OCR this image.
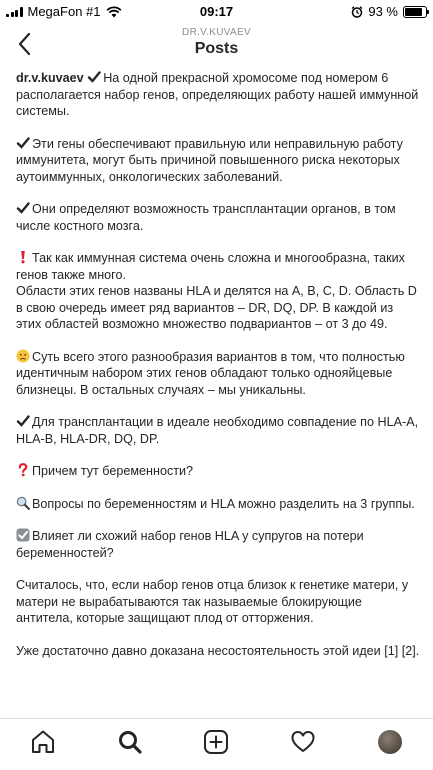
MegaFon #1	09:17	93 %
DR.V.KUVAEV
Posts

dr.v.kuvaev На одной прекрасной хромосоме под номером 6 располагается набор генов, определяющих работу нашей иммунной системы.

Эти гены обеспечивают правильную или неправильную работу иммунитета, могут быть причиной повышенного риска некоторых аутоиммунных, онкологических заболеваний.

Они определяют возможность трансплантации органов, в том числе костного мозга.

Так как иммунная система очень сложна и многообразна, таких генов также много.
Области этих генов названы HLA и делятся на A, B, C, D. Область D в свою очередь имеет ряд вариантов – DR, DQ, DP. В каждой из этих областей возможно множество подвариантов – от 3 до 49.

Суть всего этого разнообразия вариантов в том, что полностью идентичным набором этих генов обладают только однояйцевые близнецы. В остальных случаях – мы уникальны.

Для трансплантации в идеале необходимо совпадение по HLA-A, HLA-B, HLA-DR, DQ, DP.

Причем тут беременности?

Вопросы по беременностям и HLA можно разделить на 3 группы.

Влияет ли схожий набор генов HLA у супругов на потери беременностей?

Считалось, что, если набор генов отца близок к генетике матери, у матери не вырабатываются так называемые блокирующие антитела, которые защищают плод от отторжения.

Уже достаточно давно доказана несостоятельность этой идеи [1] [2].
